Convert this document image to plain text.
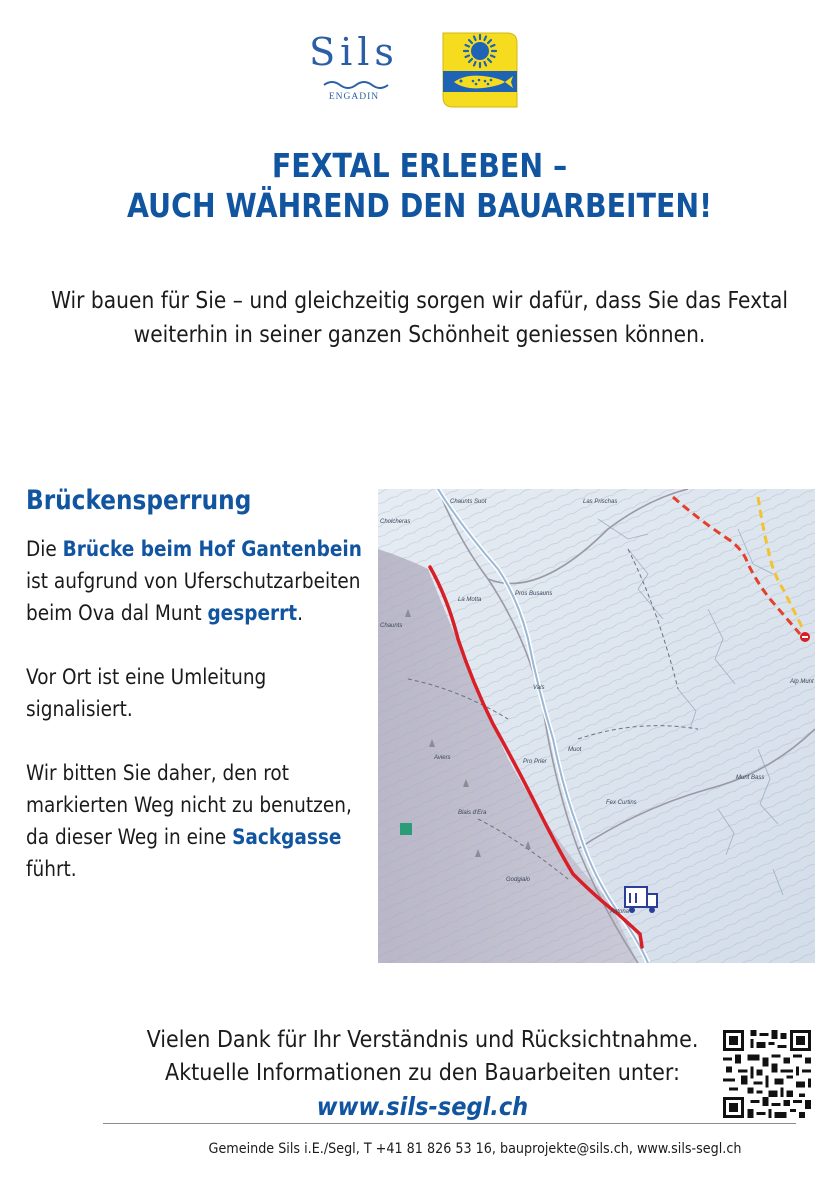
Sils
ENGADIN
FEXTAL ERLEBEN –
AUCH WÄHREND DEN BAUARBEITEN!
Wir bauen für Sie – und gleichzeitig sorgen wir dafür, dass Sie das Fextal
weiterhin in seiner ganzen Schönheit geniessen können.
Brückensperrung

Die Brücke beim Hof Gantenbein
ist aufgrund von Uferschutzarbeiten
beim Ova dal Munt gesperrt.

Vor Ort ist eine Umleitung
signalisiert.

Wir bitten Sie daher, den rot
markierten Weg nicht zu benutzen,
da dieser Weg in eine Sackgasse
führt.

Chaunts Suot	Las Prischas
Cholcheras
La Motta
Pros Busauns
Chaunts
Vals
Alp Munt
Muot
Aviers
Pro Prier
Munt Bass
Blais d'Era
Fex Curtins
Godgialo
Antona
Vielen Dank für Ihr Verständnis und Rücksichtnahme.
Aktuelle Informationen zu den Bauarbeiten unter:
www.sils-segl.ch
Gemeinde Sils i.E./Segl, T +41 81 826 53 16, bauprojekte@sils.ch, www.sils-segl.ch
